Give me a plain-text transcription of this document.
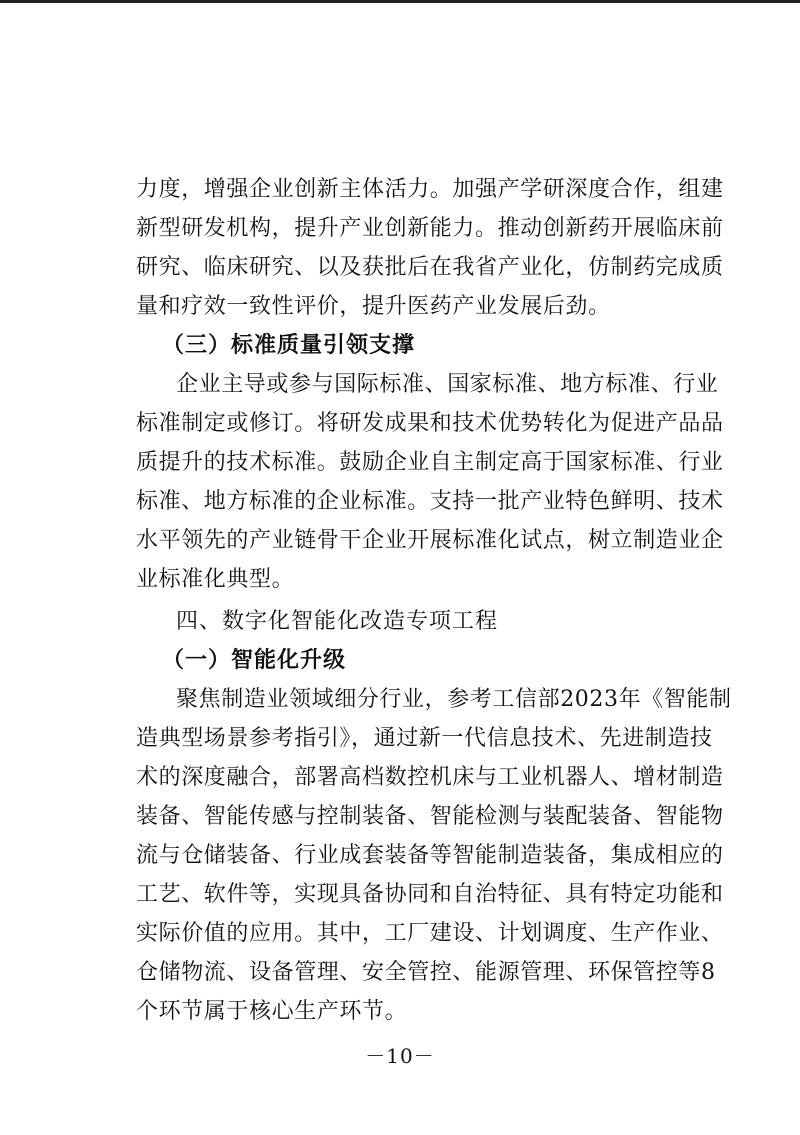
力度，增强企业创新主体活力。加强产学研深度合作，组建
新型研发机构，提升产业创新能力。推动创新药开展临床前
研究、临床研究、以及获批后在我省产业化，仿制药完成质
量和疗效一致性评价，提升医药产业发展后劲。
（三）标准质量引领支撑
企业主导或参与国际标准、国家标准、地方标准、行业
标准制定或修订。将研发成果和技术优势转化为促进产品品
质提升的技术标准。鼓励企业自主制定高于国家标准、行业
标准、地方标准的企业标准。支持一批产业特色鲜明、技术
水平领先的产业链骨干企业开展标准化试点，树立制造业企
业标准化典型。
四、数字化智能化改造专项工程
（一）智能化升级
聚焦制造业领域细分行业，参考工信部2023年《智能制
造典型场景参考指引》，通过新一代信息技术、先进制造技
术的深度融合，部署高档数控机床与工业机器人、增材制造
装备、智能传感与控制装备、智能检测与装配装备、智能物
流与仓储装备、行业成套装备等智能制造装备，集成相应的
工艺、软件等，实现具备协同和自治特征、具有特定功能和
实际价值的应用。其中，工厂建设、计划调度、生产作业、
仓储物流、设备管理、安全管控、能源管理、环保管控等8
个环节属于核心生产环节。
－10－
